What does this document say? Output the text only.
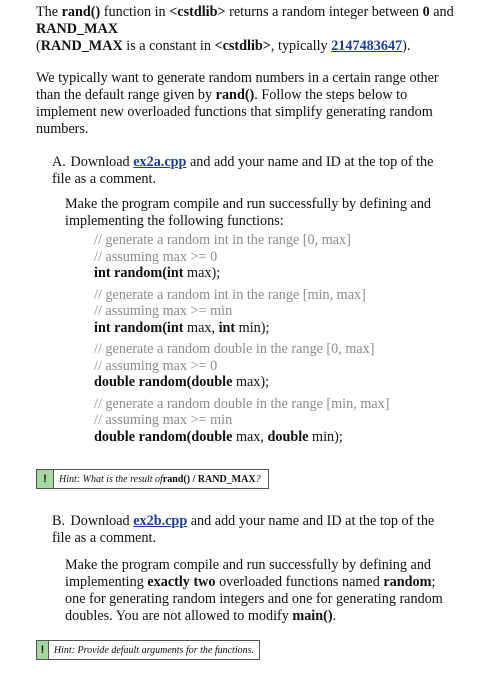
The rand() function in <cstdlib> returns a random integer between 0 and RAND_MAX

(RAND_MAX is a constant in <cstdlib>, typically 2147483647).

We typically want to generate random numbers in a certain range other than the default range given by rand(). Follow the steps below to implement new overloaded functions that simplify generating random numbers.

A. Download ex2a.cpp and add your name and ID at the top of the file as a comment.

Make the program compile and run successfully by defining and implementing the following functions:

// generate a random int in the range [0, max]
// assuming max >= 0
int random(int max);
// generate a random int in the range [min, max]
// assuming max >= min
int random(int max, int min);
// generate a random double in the range [0, max]
// assuming max >= 0
double random(double max);
// generate a random double in the range [min, max]
// assuming max >= min
double random(double max, double min);
!	Hint: What is the result of rand() / RAND_MAX ?

B. Download ex2b.cpp and add your name and ID at the top of the file as a comment.

Make the program compile and run successfully by defining and implementing exactly two overloaded functions named random; one for generating random integers and one for generating random doubles. You are not allowed to modify main().

! Hint: Provide default arguments for the functions.
